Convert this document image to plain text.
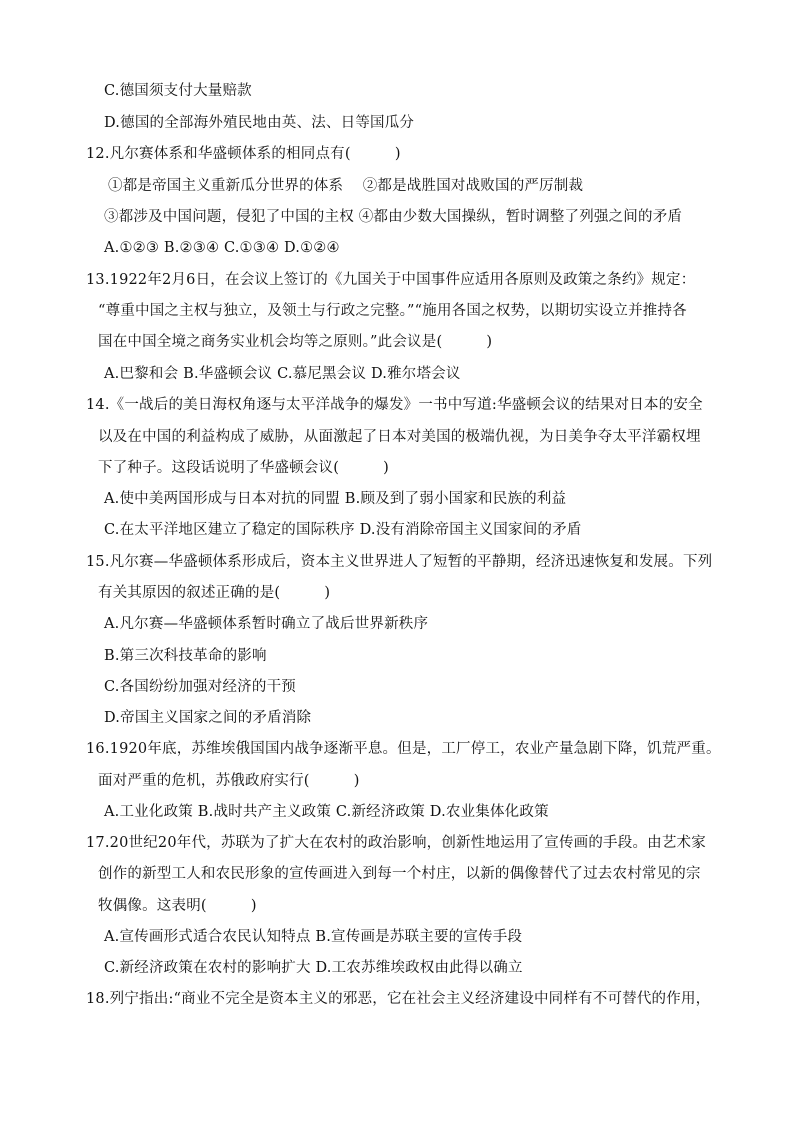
C.德国须支付大量赔款
D.德国的全部海外殖民地由英、法、日等国瓜分
12.凡尔赛体系和华盛顿体系的相同点有(　　　)
①都是帝国主义重新瓜分世界的体系　 ②都是战胜国对战败国的严厉制裁
③都涉及中国问题，侵犯了中国的主权 ④都由少数大国操纵，暂时调整了列强之间的矛盾
A.①②③ B.②③④ C.①③④ D.①②④
13.1922年2月6日，在会议上签订的《九国关于中国事件应适用各原则及政策之条约》规定：
“尊重中国之主权与独立，及领土与行政之完整。”“施用各国之权势，以期切实设立并推持各
国在中国全境之商务实业机会均等之原则。”此会议是(　　　)
A.巴黎和会 B.华盛顿会议 C.慕尼黑会议 D.雅尔塔会议
14.《一战后的美日海权角逐与太平洋战争的爆发》一书中写道:华盛顿会议的结果对日本的安全
以及在中国的利益构成了威胁，从面激起了日本对美国的极端仇视，为日美争夺太平洋霸权埋
下了种子。这段话说明了华盛顿会议(　　　)
A.使中美两国形成与日本对抗的同盟 B.顾及到了弱小国家和民族的利益
C.在太平洋地区建立了稳定的国际秩序 D.没有消除帝国主义国家间的矛盾
15.凡尔赛—华盛顿体系形成后，资本主义世界进人了短暂的平静期，经济迅速恢复和发展。下列
有关其原因的叙述正确的是(　　　)
A.凡尔赛—华盛顿体系暂时确立了战后世界新秩序
B.第三次科技革命的影响
C.各国纷纷加强对经济的干预
D.帝国主义国家之间的矛盾消除
16.1920年底，苏维埃俄国国内战争逐渐平息。但是，工厂停工，农业产量急剧下降，饥荒严重。
面对严重的危机，苏俄政府实行(　　　)
A.工业化政策 B.战时共产主义政策 C.新经济政策 D.农业集体化政策
17.20世纪20年代，苏联为了扩大在农村的政治影响，创新性地运用了宣传画的手段。由艺术家
创作的新型工人和农民形象的宣传画进入到每一个村庄，以新的偶像替代了过去农村常见的宗
牧偶像。这表明(　　　)
A.宣传画形式适合农民认知特点 B.宣传画是苏联主要的宣传手段
C.新经济政策在农村的影响扩大 D.工农苏维埃政权由此得以确立
18.列宁指出:“商业不完全是资本主义的邪恶，它在社会主义经济建设中同样有不可替代的作用，
